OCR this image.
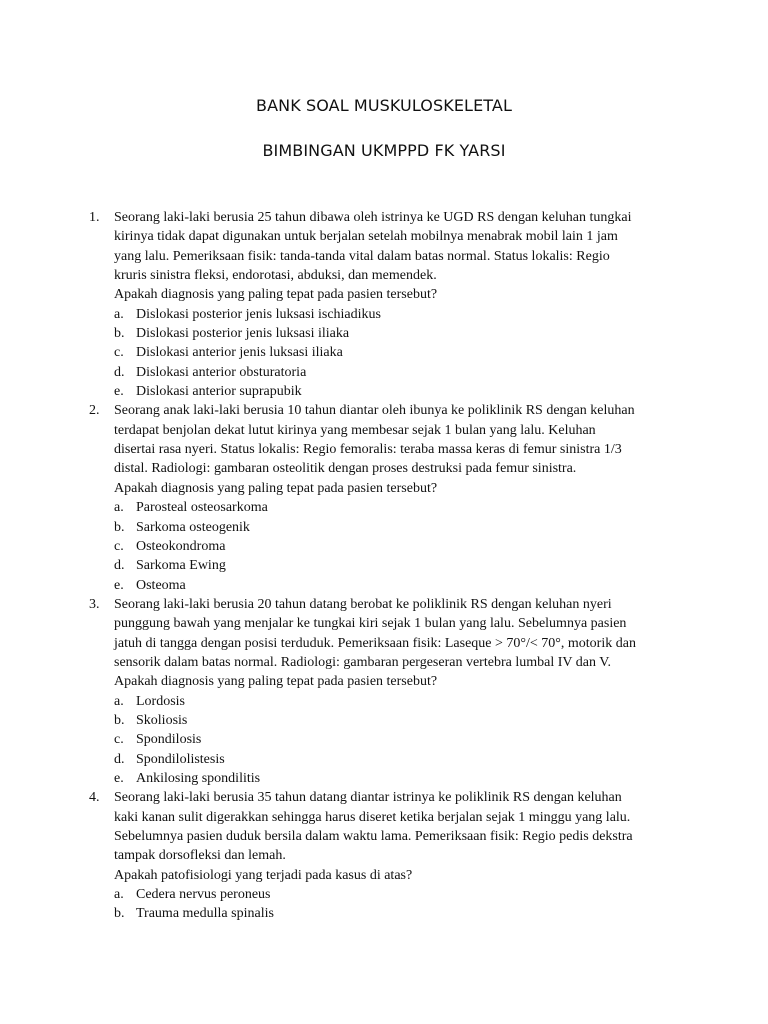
BANK SOAL MUSKULOSKELETAL
BIMBINGAN UKMPPD FK YARSI
1. Seorang laki-laki berusia 25 tahun dibawa oleh istrinya ke UGD RS dengan keluhan tungkai
kirinya tidak dapat digunakan untuk berjalan setelah mobilnya menabrak mobil lain 1 jam
yang lalu. Pemeriksaan fisik: tanda-tanda vital dalam batas normal. Status lokalis: Regio
kruris sinistra fleksi, endorotasi, abduksi, dan memendek.
Apakah diagnosis yang paling tepat pada pasien tersebut?
a. Dislokasi posterior jenis luksasi ischiadikus
b. Dislokasi posterior jenis luksasi iliaka
c. Dislokasi anterior jenis luksasi iliaka
d. Dislokasi anterior obsturatoria
e. Dislokasi anterior suprapubik
2. Seorang anak laki-laki berusia 10 tahun diantar oleh ibunya ke poliklinik RS dengan keluhan
terdapat benjolan dekat lutut kirinya yang membesar sejak 1 bulan yang lalu. Keluhan
disertai rasa nyeri. Status lokalis: Regio femoralis: teraba massa keras di femur sinistra 1/3
distal. Radiologi: gambaran osteolitik dengan proses destruksi pada femur sinistra.
Apakah diagnosis yang paling tepat pada pasien tersebut?
a. Parosteal osteosarkoma
b. Sarkoma osteogenik
c. Osteokondroma
d. Sarkoma Ewing
e. Osteoma
3. Seorang laki-laki berusia 20 tahun datang berobat ke poliklinik RS dengan keluhan nyeri
punggung bawah yang menjalar ke tungkai kiri sejak 1 bulan yang lalu. Sebelumnya pasien
jatuh di tangga dengan posisi terduduk. Pemeriksaan fisik: Laseque > 70°/< 70°, motorik dan
sensorik dalam batas normal. Radiologi: gambaran pergeseran vertebra lumbal IV dan V.
Apakah diagnosis yang paling tepat pada pasien tersebut?
a. Lordosis
b. Skoliosis
c. Spondilosis
d. Spondilolistesis
e. Ankilosing spondilitis
4. Seorang laki-laki berusia 35 tahun datang diantar istrinya ke poliklinik RS dengan keluhan
kaki kanan sulit digerakkan sehingga harus diseret ketika berjalan sejak 1 minggu yang lalu.
Sebelumnya pasien duduk bersila dalam waktu lama. Pemeriksaan fisik: Regio pedis dekstra
tampak dorsofleksi dan lemah.
Apakah patofisiologi yang terjadi pada kasus di atas?
a. Cedera nervus peroneus
b. Trauma medulla spinalis
